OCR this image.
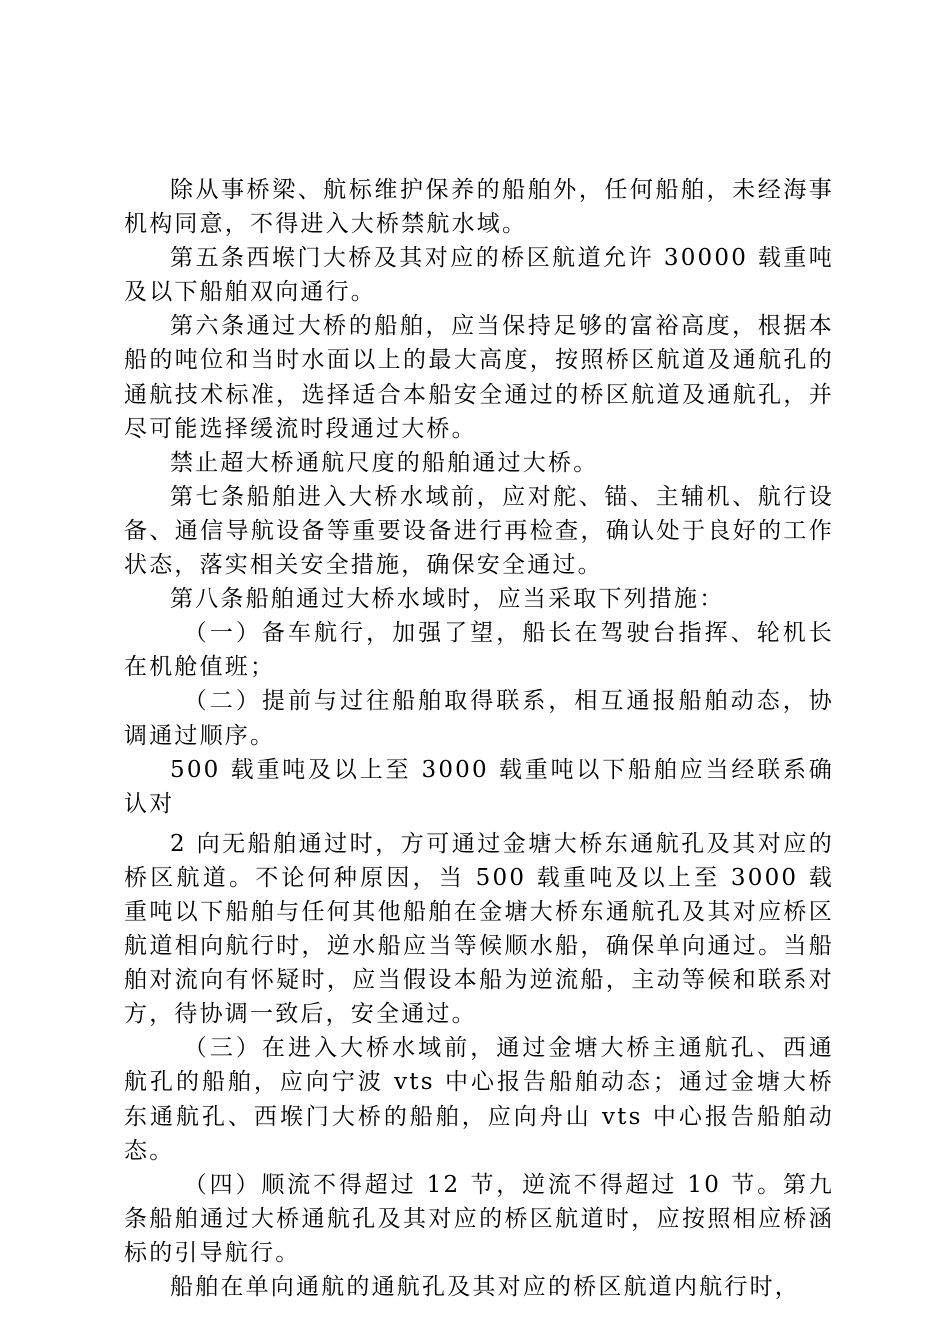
除从事桥梁、航标维护保养的船舶外，任何船舶，未经海事机构同意，不得进入大桥禁航水域。

第五条西堠门大桥及其对应的桥区航道允许 30000 载重吨及以下船舶双向通行。

第六条通过大桥的船舶，应当保持足够的富裕高度，根据本船的吨位和当时水面以上的最大高度，按照桥区航道及通航孔的通航技术标准，选择适合本船安全通过的桥区航道及通航孔，并尽可能选择缓流时段通过大桥。

禁止超大桥通航尺度的船舶通过大桥。

第七条船舶进入大桥水域前，应对舵、锚、主辅机、航行设备、通信导航设备等重要设备进行再检查，确认处于良好的工作状态，落实相关安全措施，确保安全通过。

第八条船舶通过大桥水域时，应当采取下列措施：

（一）备车航行，加强了望，船长在驾驶台指挥、轮机长在机舱值班；

（二）提前与过往船舶取得联系，相互通报船舶动态，协调通过顺序。

500 载重吨及以上至 3000 载重吨以下船舶应当经联系确认对

2 向无船舶通过时，方可通过金塘大桥东通航孔及其对应的桥区航道。不论何种原因，当 500 载重吨及以上至 3000 载重吨以下船舶与任何其他船舶在金塘大桥东通航孔及其对应桥区航道相向航行时，逆水船应当等候顺水船，确保单向通过。当船舶对流向有怀疑时，应当假设本船为逆流船，主动等候和联系对方，待协调一致后，安全通过。

（三）在进入大桥水域前，通过金塘大桥主通航孔、西通航孔的船舶，应向宁波 vts 中心报告船舶动态；通过金塘大桥东通航孔、西堠门大桥的船舶，应向舟山 vts 中心报告船舶动态。

（四）顺流不得超过 12 节，逆流不得超过 10 节。第九条船舶通过大桥通航孔及其对应的桥区航道时，应按照相应桥涵标的引导航行。

船舶在单向通航的通航孔及其对应的桥区航道内航行时，
